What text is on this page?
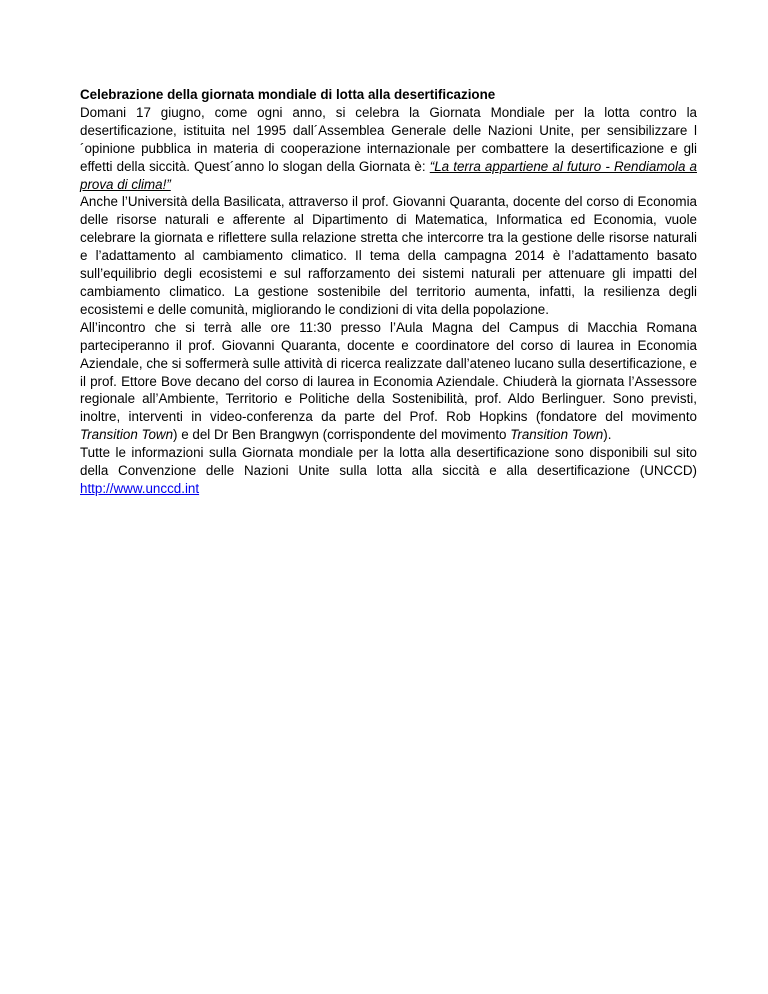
Celebrazione della giornata mondiale di lotta alla desertificazione

Domani 17 giugno, come ogni anno, si celebra la Giornata Mondiale per la lotta contro la desertificazione, istituita nel 1995 dall´Assemblea Generale delle Nazioni Unite, per sensibilizzare l´opinione pubblica in materia di cooperazione internazionale per combattere la desertificazione e gli effetti della siccità. Quest´anno lo slogan della Giornata è: “La terra appartiene al futuro - Rendiamola a prova di clima!”

Anche l’Università della Basilicata, attraverso il prof. Giovanni Quaranta, docente del corso di Economia delle risorse naturali e afferente al Dipartimento di Matematica, Informatica ed Economia, vuole celebrare la giornata e riflettere sulla relazione stretta che intercorre tra la gestione delle risorse naturali e l’adattamento al cambiamento climatico. Il tema della campagna 2014 è l’adattamento basato sull’equilibrio degli ecosistemi e sul rafforzamento dei sistemi naturali per attenuare gli impatti del cambiamento climatico. La gestione sostenibile del territorio aumenta, infatti, la resilienza degli ecosistemi e delle comunità, migliorando le condizioni di vita della popolazione.

All’incontro che si terrà alle ore 11:30 presso l’Aula Magna del Campus di Macchia Romana parteciperanno il prof. Giovanni Quaranta, docente e coordinatore del corso di laurea in Economia Aziendale, che si soffermerà sulle attività di ricerca realizzate dall’ateneo lucano sulla desertificazione, e il prof. Ettore Bove decano del corso di laurea in Economia Aziendale. Chiuderà la giornata l’Assessore regionale all’Ambiente, Territorio e Politiche della Sostenibilità, prof. Aldo Berlinguer. Sono previsti, inoltre, interventi in video-conferenza da parte del Prof. Rob Hopkins (fondatore del movimento Transition Town) e del Dr Ben Brangwyn (corrispondente del movimento Transition Town).

Tutte le informazioni sulla Giornata mondiale per la lotta alla desertificazione sono disponibili sul sito della Convenzione delle Nazioni Unite sulla lotta alla siccità e alla desertificazione (UNCCD) http://www.unccd.int
